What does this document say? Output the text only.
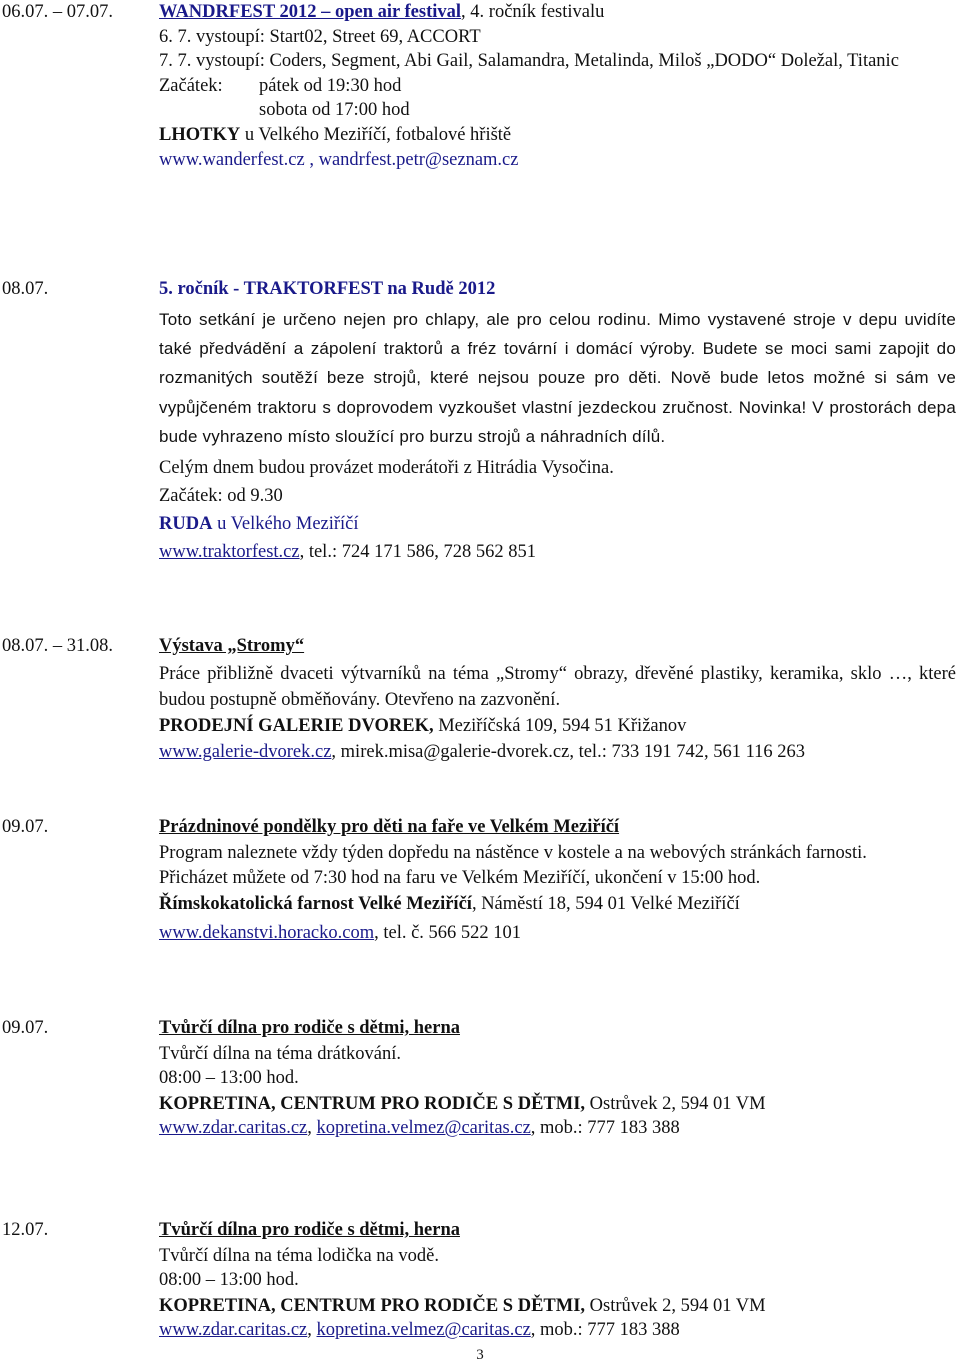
06.07. – 07.07. WANDRFEST 2012 – open air festival, 4. ročník festivalu
6. 7. vystoupí: Start02, Street 69, ACCORT
7. 7. vystoupí: Coders, Segment, Abi Gail, Salamandra, Metalinda, Miloš „DODO“ Doležal, Titanic
Začátek: pátek od 19:30 hod
sobota od 17:00 hod
LHOTKY u Velkého Meziříčí, fotbalové hřiště
www.wanderfest.cz , wandrfest.petr@seznam.cz
08.07.	5. ročník - TRAKTORFEST na Rudě 2012
Toto setkání je určeno nejen pro chlapy, ale pro celou rodinu. Mimo vystavené stroje v depu uvidíte také předvádění a zápolení traktorů a fréz tovární i domácí výroby. Budete se moci sami zapojit do rozmanitých soutěží beze strojů, které nejsou pouze pro děti. Nově bude letos možné si sám ve vypůjčeném traktoru s doprovodem vyzkoušet vlastní jezdeckou zručnost. Novinka! V prostorách depa bude vyhrazeno místo sloužící pro burzu strojů a náhradních dílů.
Celým dnem budou provázet moderátoři z Hitrádia Vysočina.
Začátek: od 9.30
RUDA u Velkého Meziříčí
www.traktorfest.cz, tel.: 724 171 586, 728 562 851
08.07. – 31.08. Výstava „Stromy“
Práce přibližně dvaceti výtvarníků na téma „Stromy“ obrazy, dřevěné plastiky, keramika, sklo …, které budou postupně obměňovány. Otevřeno na zazvonění.
PRODEJNÍ GALERIE DVOREK, Meziříčská 109, 594 51 Křižanov
www.galerie-dvorek.cz, mirek.misa@galerie-dvorek.cz, tel.: 733 191 742, 561 116 263
09.07.	Prázdninové pondělky pro děti na faře ve Velkém Meziříčí
Program naleznete vždy týden dopředu na nástěnce v kostele a na webových stránkách farnosti.
Přicházet můžete od 7:30 hod na faru ve Velkém Meziříčí, ukončení v 15:00 hod.
Římskokatolická farnost Velké Meziříčí, Náměstí 18, 594 01 Velké Meziříčí
www.dekanstvi.horacko.com, tel. č. 566 522 101
09.07.	Tvůrčí dílna pro rodiče s dětmi, herna
Tvůrčí dílna na téma drátkování.
08:00 – 13:00 hod.
KOPRETINA, CENTRUM PRO RODIČE S DĚTMI, Ostrůvek 2, 594 01 VM
www.zdar.caritas.cz, kopretina.velmez@caritas.cz, mob.: 777 183 388
12.07.	Tvůrčí dílna pro rodiče s dětmi, herna
Tvůrčí dílna na téma lodička na vodě.
08:00 – 13:00 hod.
KOPRETINA, CENTRUM PRO RODIČE S DĚTMI, Ostrůvek 2, 594 01 VM
www.zdar.caritas.cz, kopretina.velmez@caritas.cz, mob.: 777 183 388
3
